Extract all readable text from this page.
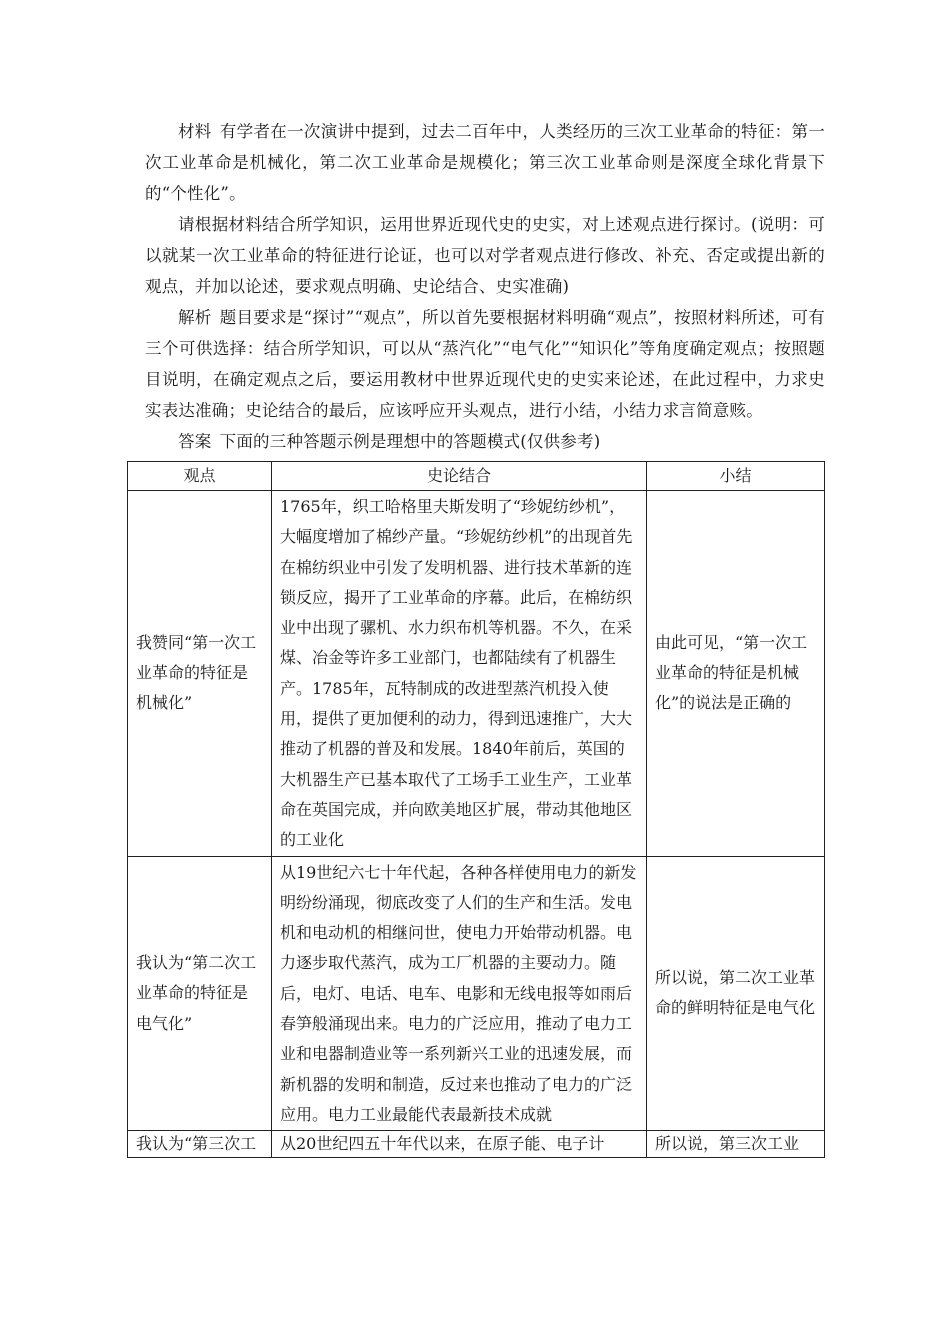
材料 有学者在一次演讲中提到，过去二百年中，人类经历的三次工业革命的特征：第一次工业革命是机械化，第二次工业革命是规模化；第三次工业革命则是深度全球化背景下的“个性化”。

请根据材料结合所学知识，运用世界近现代史的史实，对上述观点进行探讨。(说明：可以就某一次工业革命的特征进行论证，也可以对学者观点进行修改、补充、否定或提出新的观点，并加以论述，要求观点明确、史论结合、史实准确)

解析 题目要求是“探讨”“观点”，所以首先要根据材料明确“观点”，按照材料所述，可有三个可供选择：结合所学知识，可以从“蒸汽化”“电气化”“知识化”等角度确定观点；按照题目说明，在确定观点之后，要运用教材中世界近现代史的史实来论述，在此过程中，力求史实表达准确；史论结合的最后，应该呼应开头观点，进行小结，小结力求言简意赅。

答案 下面的三种答题示例是理想中的答题模式(仅供参考)

观点	史论结合	小结
我赞同“第一次工业革命的特征是机械化”	1765年，织工哈格里夫斯发明了“珍妮纺纱机”，大幅度增加了棉纱产量。“珍妮纺纱机”的出现首先在棉纺织业中引发了发明机器、进行技术革新的连锁反应，揭开了工业革命的序幕。此后，在棉纺织业中出现了骡机、水力织布机等机器。不久，在采煤、冶金等许多工业部门，也都陆续有了机器生产。1785年，瓦特制成的改进型蒸汽机投入使用，提供了更加便利的动力，得到迅速推广，大大推动了机器的普及和发展。1840年前后，英国的大机器生产已基本取代了工场手工业生产，工业革命在英国完成，并向欧美地区扩展，带动其他地区的工业化	由此可见，“第一次工业革命的特征是机械化”的说法是正确的
我认为“第二次工业革命的特征是电气化”	从19世纪六七十年代起，各种各样使用电力的新发明纷纷涌现，彻底改变了人们的生产和生活。发电机和电动机的相继问世，使电力开始带动机器。电力逐步取代蒸汽，成为工厂机器的主要动力。随后，电灯、电话、电车、电影和无线电报等如雨后春笋般涌现出来。电力的广泛应用，推动了电力工业和电器制造业等一系列新兴工业的迅速发展，而新机器的发明和制造，反过来也推动了电力的广泛应用。电力工业最能代表最新技术成就	所以说，第二次工业革命的鲜明特征是电气化
我认为“第三次工	从20世纪四五十年代以来，在原子能、电子计	所以说，第三次工业
